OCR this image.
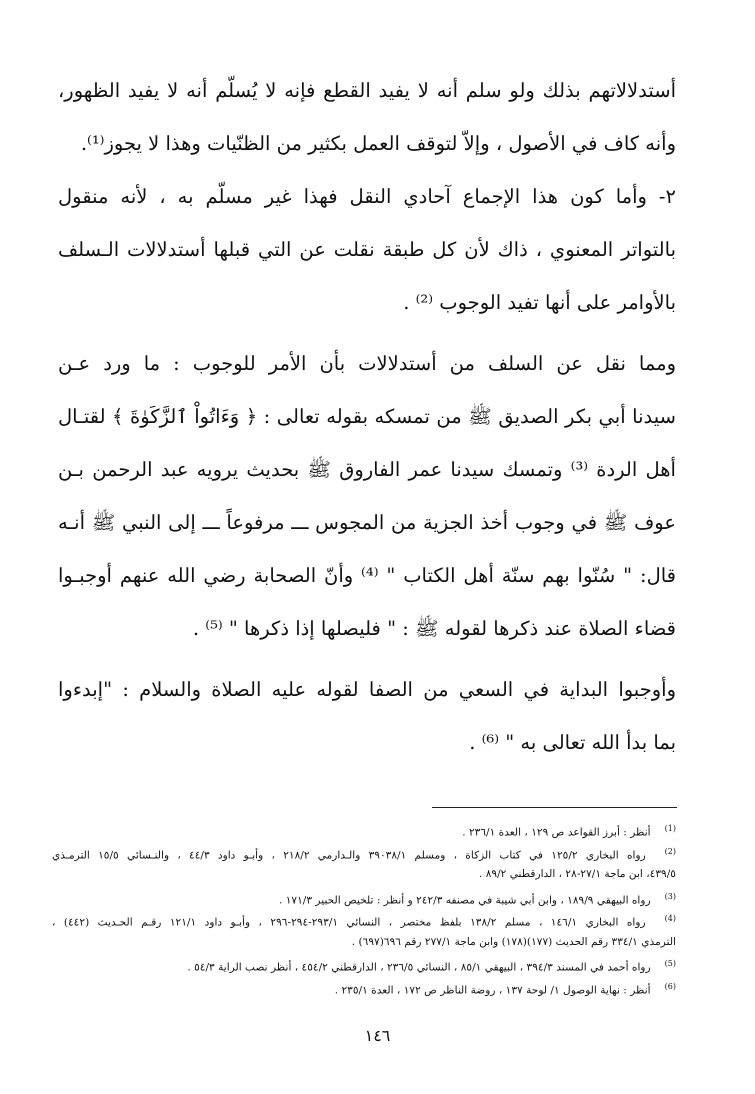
أستدلالاتهم بذلك ولو سلم أنه لا يفيد القطع فإنه لا يُسلّم أنه لا يفيد الظهور،
وأنه كاف في الأصول ، وإلاّ لتوقف العمل بكثير من الظنّيات وهذا لا يجوز⁽¹⁾.
٢- وأما كون هذا الإجماع آحادي النقل فهذا غير مسلّم به ، لأنه منقول
بالتواتر المعنوي ، ذاك لأن كل طبقة نقلت عن التي قبلها أستدلالات الـسلف
بالأوامر على أنها تفيد الوجوب ⁽²⁾ .
ومما نقل عن السلف من أستدلالات بأن الأمر للوجوب : ما ورد عـن
سيدنا أبي بكر الصديق ﷺ من تمسكه بقوله تعالى : ﴿ وَءَاتُواْ ٱلزَّكَوٰةَ ﴾ لقتـال
أهل الردة ⁽³⁾ وتمسك سيدنا عمر الفاروق ﷺ بحديث يرويه عبد الرحمن بـن
عوف ﷺ في وجوب أخذ الجزية من المجوس ـــ مرفوعاً ـــ إلى النبي ﷺ أنـه
قال: " سُنّوا بهم سنّة أهل الكتاب " ⁽⁴⁾ وأنّ الصحابة رضي الله عنهم أوجبـوا
قضاء الصلاة عند ذكرها لقوله ﷺ : " فليصلها إذا ذكرها " ⁽⁵⁾ .
وأوجبوا البداية في السعي من الصفا لقوله عليه الصلاة والسلام : "إبدءوا
بما بدأ الله تعالى به " ⁽⁶⁾ .
(1) أنظر : أبرز القواعد ص ١٢٩ ، العدة ٢٣٦/١ .
(2) رواه البخاري ١٢٥/٢ في كتاب الزكاة ، ومسلم ٣٩٠٣٨/١ والـدارمي ٢١٨/٢ ، وأبـو داود ٤٤/٣ ، والنـسائي ١٥/٥ الترمـذي
٤٣٩/٥، ابن ماجة ٢٧/١-٢٨ ، الدارقطني ٨٩/٢ .
(3) رواه البيهقي ١٨٩/٩ ، وابن أبي شيبة في مصنفه ٢٤٢/٣ و أنظر : تلخيص الحبير ١٧١/٣ .
(4) رواه البخاري ١٤٦/١ ، مسلم ١٣٨/٢ بلفظ مختصر ، النسائي ٢٩٣/١-٢٩٤-٢٩٦ ، وأبـو داود ١٢١/١ رقـم الحـديث (٤٤٢) ،
الترمذي ٣٣٤/١ رقم الحديث (١٧٧)(١٧٨) وابن ماجة ٢٧٧/١ رقم ٦٩٦(٦٩٧) .
(5) رواه أحمد في المسند ٣٩٤/٣ ، البيهقي ٨٥/١ ، النسائي ٢٣٦/٥ ، الدارقطني ٤٥٤/٢ ، أنظر نصب الراية ٥٤/٣ .
(6) أنظر : نهاية الوصول ١/ لوحة ١٣٧ ، روضة الناظر ص ١٧٢ ، العدة ٢٣٥/١ .
١٤٦
